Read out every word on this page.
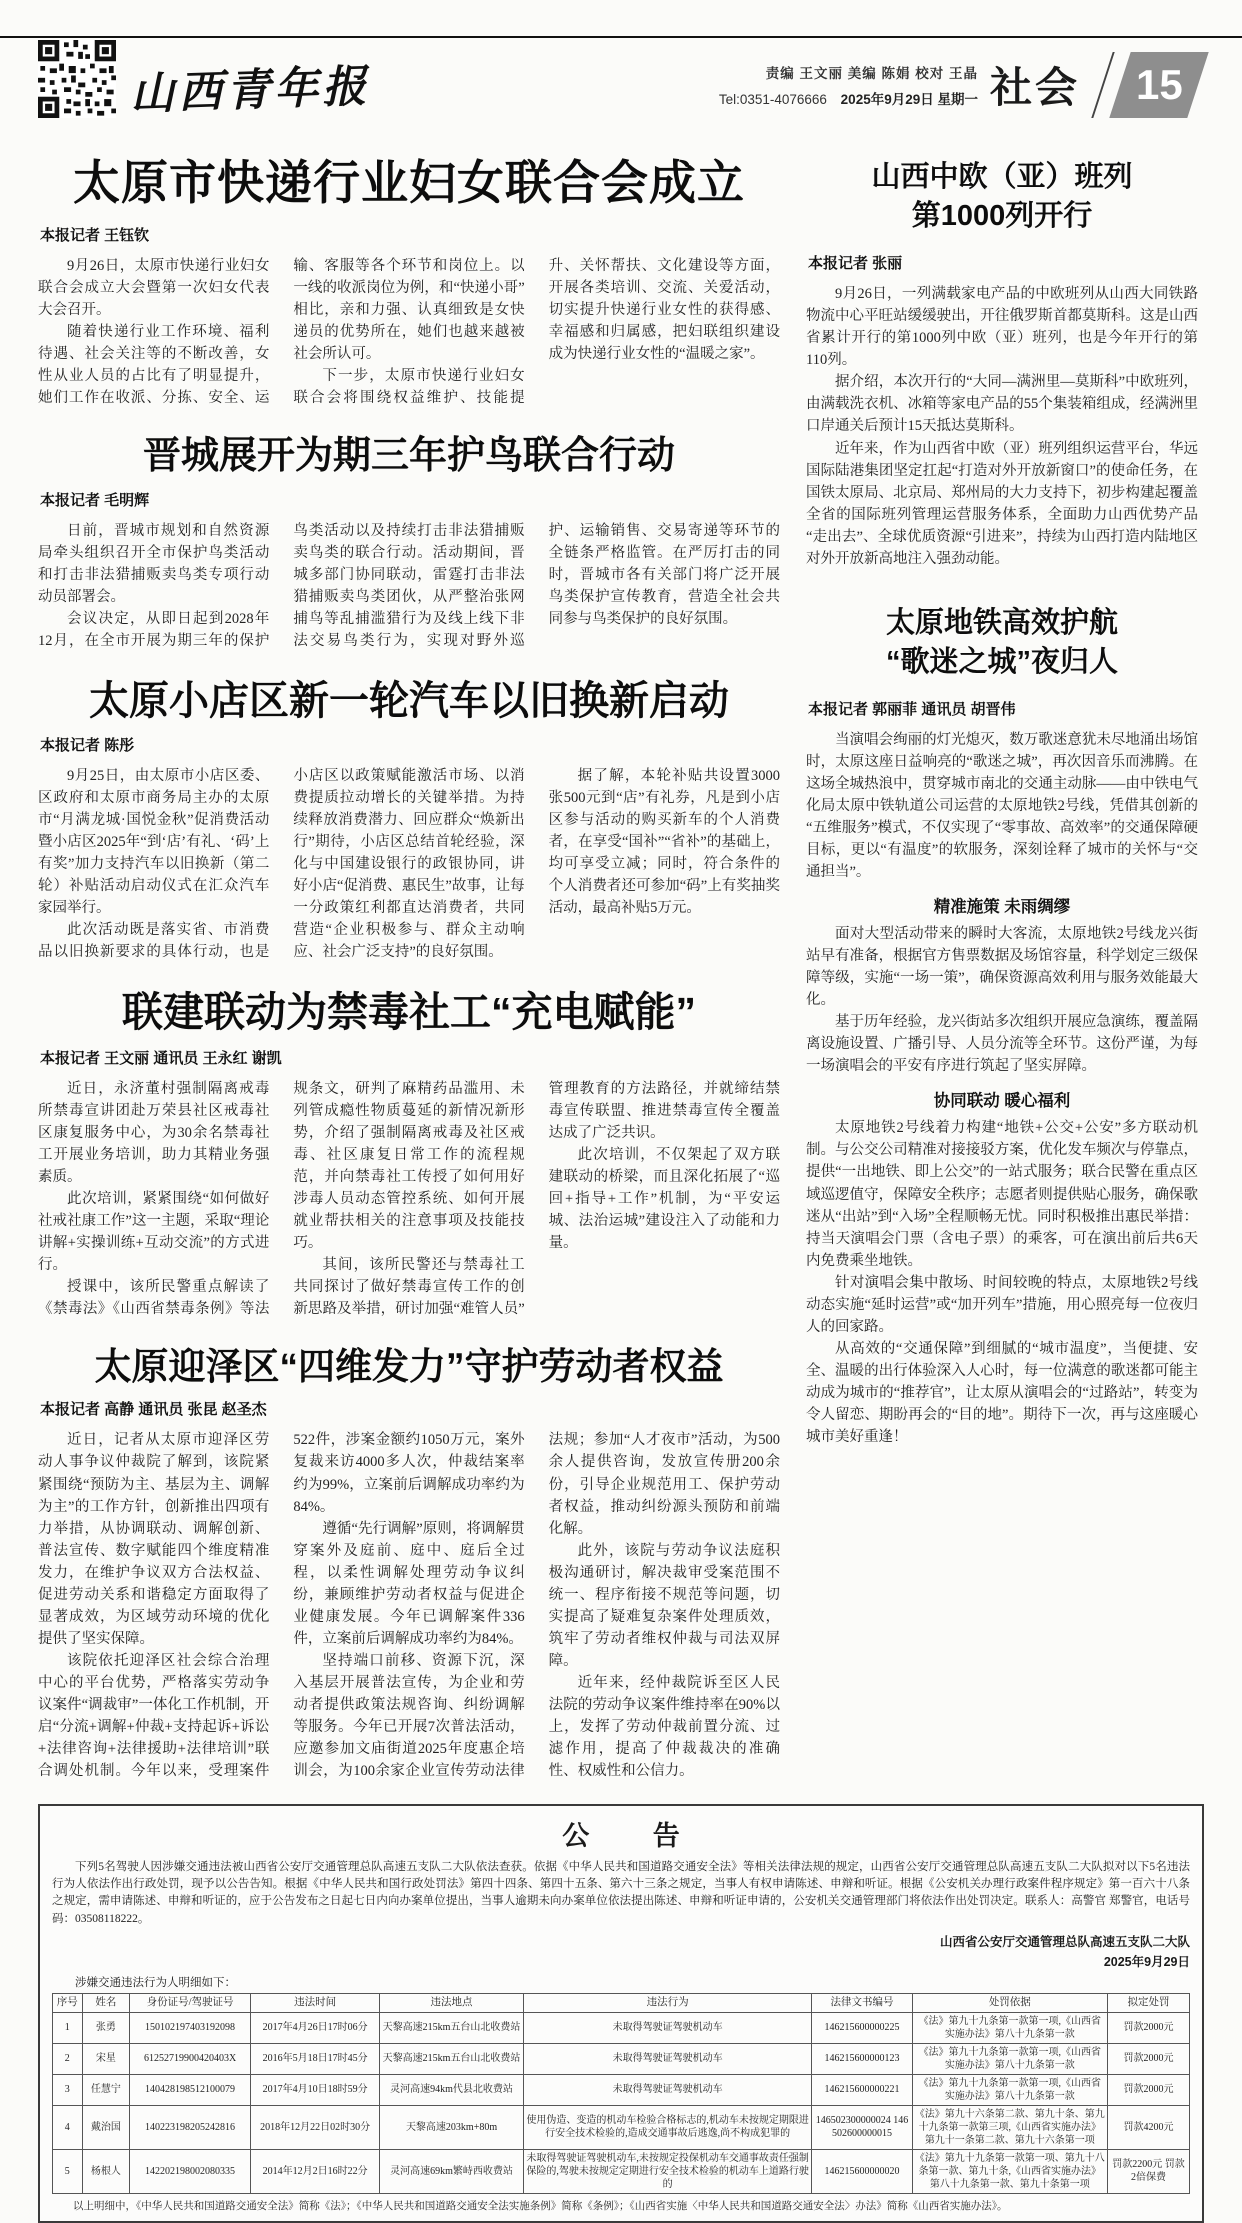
山西青年报	责编 王文丽 美编 陈娟 校对 王晶
Tel:0351-4076666 2025年9月29日 星期一 社会 15
太原市快递行业妇女联合会成立
本报记者 王钰钦

9月26日，太原市快递行业妇女联合会成立大会暨第一次妇女代表大会召开。

随着快递行业工作环境、福利待遇、社会关注等的不断改善，女性从业人员的占比有了明显提升，她们工作在收派、分拣、安全、运输、客服等各个环节和岗位上。以一线的收派岗位为例，和“快递小哥”相比，亲和力强、认真细致是女快递员的优势所在，她们也越来越被社会所认可。

下一步，太原市快递行业妇女联合会将围绕权益维护、技能提升、关怀帮扶、文化建设等方面，开展各类培训、交流、关爱活动，切实提升快递行业女性的获得感、幸福感和归属感，把妇联组织建设成为快递行业女性的“温暖之家”。

晋城展开为期三年护鸟联合行动
本报记者 毛明辉

日前，晋城市规划和自然资源局牵头组织召开全市保护鸟类活动和打击非法猎捕贩卖鸟类专项行动动员部署会。

会议决定，从即日起到2028年12月，在全市开展为期三年的保护鸟类活动以及持续打击非法猎捕贩卖鸟类的联合行动。活动期间，晋城多部门协同联动，雷霆打击非法猎捕贩卖鸟类团伙，从严整治张网捕鸟等乱捕滥猎行为及线上线下非法交易鸟类行为，实现对野外巡护、运输销售、交易寄递等环节的全链条严格监管。在严厉打击的同时，晋城市各有关部门将广泛开展鸟类保护宣传教育，营造全社会共同参与鸟类保护的良好氛围。

太原小店区新一轮汽车以旧换新启动
本报记者 陈彤

9月25日，由太原市小店区委、区政府和太原市商务局主办的太原市“月满龙城·国悦金秋”促消费活动暨小店区2025年“到‘店’有礼、‘码’上有奖”加力支持汽车以旧换新（第二轮）补贴活动启动仪式在汇众汽车家园举行。

此次活动既是落实省、市消费品以旧换新要求的具体行动，也是小店区以政策赋能激活市场、以消费提质拉动增长的关键举措。为持续释放消费潜力、回应群众“焕新出行”期待，小店区总结首轮经验，深化与中国建设银行的政银协同，讲好小店“促消费、惠民生”故事，让每一分政策红利都直达消费者，共同营造“企业积极参与、群众主动响应、社会广泛支持”的良好氛围。

据了解，本轮补贴共设置3000张500元到“店”有礼券，凡是到小店区参与活动的购买新车的个人消费者，在享受“国补”“省补”的基础上，均可享受立减；同时，符合条件的个人消费者还可参加“码”上有奖抽奖活动，最高补贴5万元。

联建联动为禁毒社工“充电赋能”
本报记者 王文丽 通讯员 王永红 谢凯

近日，永济董村强制隔离戒毒所禁毒宣讲团赴万荣县社区戒毒社区康复服务中心，为30余名禁毒社工开展业务培训，助力其精业务强素质。

此次培训，紧紧围绕“如何做好社戒社康工作”这一主题，采取“理论讲解+实操训练+互动交流”的方式进行。

授课中，该所民警重点解读了《禁毒法》《山西省禁毒条例》等法规条文，研判了麻精药品滥用、未列管成瘾性物质蔓延的新情况新形势，介绍了强制隔离戒毒及社区戒毒、社区康复日常工作的流程规范，并向禁毒社工传授了如何用好涉毒人员动态管控系统、如何开展就业帮扶相关的注意事项及技能技巧。

其间，该所民警还与禁毒社工共同探讨了做好禁毒宣传工作的创新思路及举措，研讨加强“难管人员”管理教育的方法路径，并就缔结禁毒宣传联盟、推进禁毒宣传全覆盖达成了广泛共识。

此次培训，不仅架起了双方联建联动的桥梁，而且深化拓展了“巡回+指导+工作”机制，为“平安运城、法治运城”建设注入了动能和力量。

太原迎泽区“四维发力”守护劳动者权益
本报记者 高静 通讯员 张昆 赵圣杰

近日，记者从太原市迎泽区劳动人事争议仲裁院了解到，该院紧紧围绕“预防为主、基层为主、调解为主”的工作方针，创新推出四项有力举措，从协调联动、调解创新、普法宣传、数字赋能四个维度精准发力，在维护争议双方合法权益、促进劳动关系和谐稳定方面取得了显著成效，为区域劳动环境的优化提供了坚实保障。

该院依托迎泽区社会综合治理中心的平台优势，严格落实劳动争议案件“调裁审”一体化工作机制，开启“分流+调解+仲裁+支持起诉+诉讼+法律咨询+法律援助+法律培训”联合调处机制。今年以来，受理案件522件，涉案金额约1050万元，案外复裁来访4000多人次，仲裁结案率约为99%，立案前后调解成功率约为84%。

遵循“先行调解”原则，将调解贯穿案外及庭前、庭中、庭后全过程，以柔性调解处理劳动争议纠纷，兼顾维护劳动者权益与促进企业健康发展。今年已调解案件336件，立案前后调解成功率约为84%。

坚持端口前移、资源下沉，深入基层开展普法宣传，为企业和劳动者提供政策法规咨询、纠纷调解等服务。今年已开展7次普法活动，应邀参加文庙街道2025年度惠企培训会，为100余家企业宣传劳动法律法规；参加“人才夜市”活动，为500余人提供咨询，发放宣传册200余份，引导企业规范用工、保护劳动者权益，推动纠纷源头预防和前端化解。

此外，该院与劳动争议法庭积极沟通研讨，解决裁审受案范围不统一、程序衔接不规范等问题，切实提高了疑难复杂案件处理质效，筑牢了劳动者维权仲裁与司法双屏障。

近年来，经仲裁院诉至区人民法院的劳动争议案件维持率在90%以上，发挥了劳动仲裁前置分流、过滤作用，提高了仲裁裁决的准确性、权威性和公信力。

山西中欧（亚）班列
第1000列开行
本报记者 张丽

9月26日，一列满载家电产品的中欧班列从山西大同铁路物流中心平旺站缓缓驶出，开往俄罗斯首都莫斯科。这是山西省累计开行的第1000列中欧（亚）班列，也是今年开行的第110列。

据介绍，本次开行的“大同—满洲里—莫斯科”中欧班列，由满载洗衣机、冰箱等家电产品的55个集装箱组成，经满洲里口岸通关后预计15天抵达莫斯科。

近年来，作为山西省中欧（亚）班列组织运营平台，华远国际陆港集团坚定扛起“打造对外开放新窗口”的使命任务，在国铁太原局、北京局、郑州局的大力支持下，初步构建起覆盖全省的国际班列管理运营服务体系，全面助力山西优势产品“走出去”、全球优质资源“引进来”，持续为山西打造内陆地区对外开放新高地注入强劲动能。

太原地铁高效护航
“歌迷之城”夜归人
本报记者 郭丽菲 通讯员 胡晋伟

当演唱会绚丽的灯光熄灭，数万歌迷意犹未尽地涌出场馆时，太原这座日益响亮的“歌迷之城”，再次因音乐而沸腾。在这场全城热浪中，贯穿城市南北的交通主动脉——由中铁电气化局太原中铁轨道公司运营的太原地铁2号线，凭借其创新的“五维服务”模式，不仅实现了“零事故、高效率”的交通保障硬目标，更以“有温度”的软服务，深刻诠释了城市的关怀与“交通担当”。

精准施策 未雨绸缪

面对大型活动带来的瞬时大客流，太原地铁2号线龙兴街站早有准备，根据官方售票数据及场馆容量，科学划定三级保障等级，实施“一场一策”，确保资源高效利用与服务效能最大化。

基于历年经验，龙兴街站多次组织开展应急演练，覆盖隔离设施设置、广播引导、人员分流等全环节。这份严谨，为每一场演唱会的平安有序进行筑起了坚实屏障。

协同联动 暖心福利

太原地铁2号线着力构建“地铁+公交+公安”多方联动机制。与公交公司精准对接接驳方案，优化发车频次与停靠点，提供“一出地铁、即上公交”的一站式服务；联合民警在重点区域巡逻值守，保障安全秩序；志愿者则提供贴心服务，确保歌迷从“出站”到“入场”全程顺畅无忧。同时积极推出惠民举措：持当天演唱会门票（含电子票）的乘客，可在演出前后共6天内免费乘坐地铁。

针对演唱会集中散场、时间较晚的特点，太原地铁2号线动态实施“延时运营”或“加开列车”措施，用心照亮每一位夜归人的回家路。

从高效的“交通保障”到细腻的“城市温度”，当便捷、安全、温暖的出行体验深入人心时，每一位满意的歌迷都可能主动成为城市的“推荐官”，让太原从演唱会的“过路站”，转变为令人留恋、期盼再会的“目的地”。期待下一次，再与这座暖心城市美好重逢！

公 告
下列5名驾驶人因涉嫌交通违法被山西省公安厅交通管理总队高速五支队二大队依法查获。依据《中华人民共和国道路交通安全法》等相关法律法规的规定，山西省公安厅交通管理总队高速五支队二大队拟对以下5名违法行为人依法作出行政处罚，现予以公告告知。根据《中华人民共和国行政处罚法》第四十四条、第四十五条、第六十三条之规定，当事人有权申请陈述、申辩和听证。根据《公安机关办理行政案件程序规定》第一百六十八条之规定，需申请陈述、申辩和听证的，应于公告发布之日起七日内向办案单位提出，当事人逾期未向办案单位依法提出陈述、申辩和听证申请的，公安机关交通管理部门将依法作出处罚决定。联系人：高警官 郑警官，电话号码：03508118222。
山西省公安厅交通管理总队高速五支队二大队
2025年9月29日
涉嫌交通违法行为人明细如下：
序号	姓名	身份证号/驾驶证号	违法时间	违法地点	违法行为	法律文书编号	处罚依据	拟定处罚
1	张勇	150102197403192098	2017年4月26日17时06分	天黎高速215km五台山北收费站	未取得驾驶证驾驶机动车	146215600000225	《法》第九十九条第一款第一项,《山西省实施办法》第八十九条第一款	罚款2000元
2	宋星	61252719900420403X	2016年5月18日17时45分	天黎高速215km五台山北收费站	未取得驾驶证驾驶机动车	146215600000123	《法》第九十九条第一款第一项,《山西省实施办法》第八十九条第一款	罚款2000元
3	任慧宁	140428198512100079	2017年4月10日18时59分	灵河高速94km代县北收费站	未取得驾驶证驾驶机动车	146215600000221	《法》第九十九条第一款第一项,《山西省实施办法》第八十九条第一款	罚款2000元
4	戴治国	140223198205242816	2018年12月22日02时30分	天黎高速203km+80m	使用伪造、变造的机动车检验合格标志的,机动车未按规定期限进行安全技术检验的,造成交通事故后逃逸,尚不构成犯罪的	146502300000024 146502600000015	《法》第九十六条第二款、第九十条、第九十九条第一款第三项,《山西省实施办法》第九十一条第二款、第九十六条第一项	罚款4200元
5	杨根人	142202198002080335	2014年12月2日16时22分	灵河高速69km繁峙西收费站	未取得驾驶证驾驶机动车,未按规定投保机动车交通事故责任强制保险的,驾驶未按规定定期进行安全技术检验的机动车上道路行驶的	146215600000020	《法》第九十九条第一款第一项、第九十八条第一款、第九十条,《山西省实施办法》第八十九条第一款、第九十条第一项	罚款2200元 罚款2倍保费
以上明细中，《中华人民共和国道路交通安全法》简称《法》；《中华人民共和国道路交通安全法实施条例》简称《条例》；《山西省实施〈中华人民共和国道路交通安全法〉办法》简称《山西省实施办法》。
